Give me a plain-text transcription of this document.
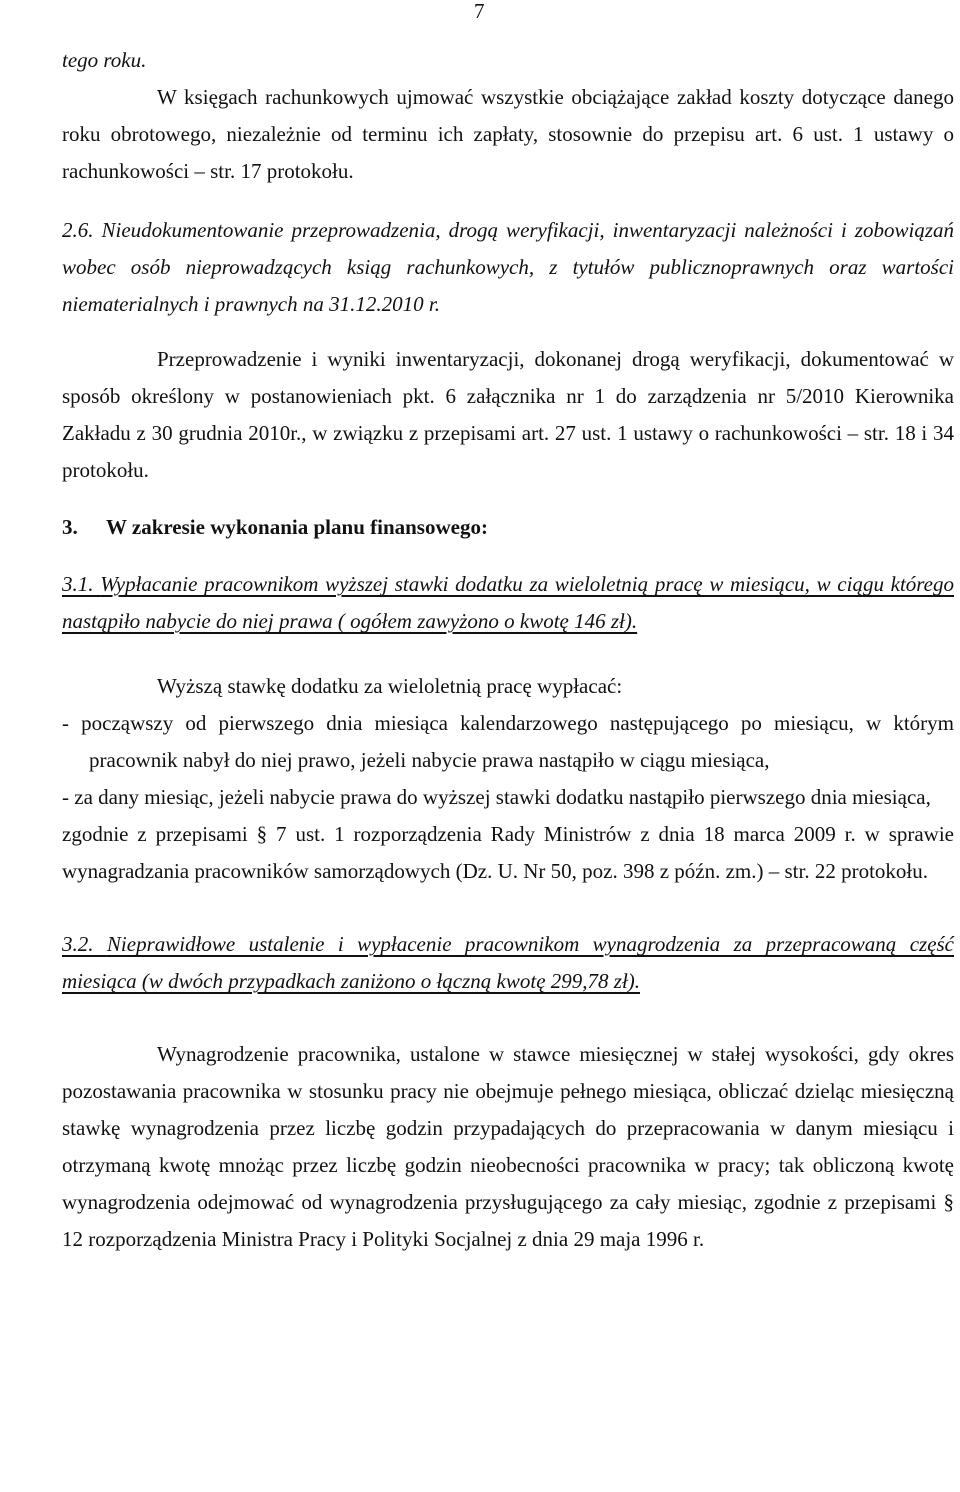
7

tego roku.

W księgach rachunkowych ujmować wszystkie obciążające zakład koszty dotyczące danego roku obrotowego, niezależnie od terminu ich zapłaty, stosownie do przepisu art. 6 ust. 1 ustawy o rachunkowości – str. 17 protokołu.

2.6. Nieudokumentowanie przeprowadzenia, drogą weryfikacji, inwentaryzacji należności i zobowiązań wobec osób nieprowadzących ksiąg rachunkowych, z tytułów publicznoprawnych oraz wartości niematerialnych i prawnych na 31.12.2010 r.

Przeprowadzenie i wyniki inwentaryzacji, dokonanej drogą weryfikacji, dokumentować w sposób określony w postanowieniach pkt. 6 załącznika nr 1 do zarządzenia nr 5/2010 Kierownika Zakładu z 30 grudnia 2010r., w związku z przepisami art. 27 ust. 1 ustawy o rachunkowości – str. 18 i 34 protokołu.

3. W zakresie wykonania planu finansowego:

3.1. Wypłacanie pracownikom wyższej stawki dodatku za wieloletnią pracę w miesiącu, w ciągu którego nastąpiło nabycie do niej prawa ( ogółem zawyżono o kwotę 146 zł).

Wyższą stawkę dodatku za wieloletnią pracę wypłacać:

- począwszy od pierwszego dnia miesiąca kalendarzowego następującego po miesiącu, w którym pracownik nabył do niej prawo, jeżeli nabycie prawa nastąpiło w ciągu miesiąca,

- za dany miesiąc, jeżeli nabycie prawa do wyższej stawki dodatku nastąpiło pierwszego dnia miesiąca,

zgodnie z przepisami § 7 ust. 1 rozporządzenia Rady Ministrów z dnia 18 marca 2009 r. w sprawie wynagradzania pracowników samorządowych (Dz. U. Nr 50, poz. 398 z późn. zm.) – str. 22 protokołu.

3.2. Nieprawidłowe ustalenie i wypłacenie pracownikom wynagrodzenia za przepracowaną część miesiąca (w dwóch przypadkach zaniżono o łączną kwotę 299,78 zł).

Wynagrodzenie pracownika, ustalone w stawce miesięcznej w stałej wysokości, gdy okres pozostawania pracownika w stosunku pracy nie obejmuje pełnego miesiąca, obliczać dzieląc miesięczną stawkę wynagrodzenia przez liczbę godzin przypadających do przepracowania w danym miesiącu i otrzymaną kwotę mnożąc przez liczbę godzin nieobecności pracownika w pracy; tak obliczoną kwotę wynagrodzenia odejmować od wynagrodzenia przysługującego za cały miesiąc, zgodnie z przepisami § 12 rozporządzenia Ministra Pracy i Polityki Socjalnej z dnia 29 maja 1996 r.
